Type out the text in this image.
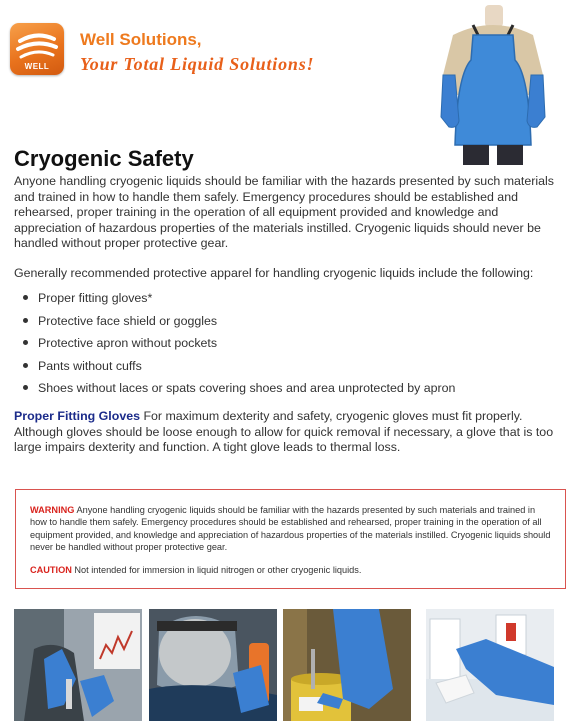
WELL
Well Solutions,
Your Total Liquid Solutions!
Cryogenic Safety

Anyone handling cryogenic liquids should be familiar with the hazards presented by such materials and trained in how to handle them safely. Emergency procedures should be established and rehearsed, proper training in the operation of all equipment provided and knowledge and appreciation of hazardous properties of the materials instilled. Cryogenic liquids should never be handled without proper protective gear.

Generally recommended protective apparel for handling cryogenic liquids include the following:

Proper fitting gloves*
Protective face shield or goggles
Protective apron without pockets
Pants without cuffs
Shoes without laces or spats covering shoes and area unprotected by apron

Proper Fitting Gloves For maximum dexterity and safety, cryogenic gloves must fit properly. Although gloves should be loose enough to allow for quick removal if necessary, a glove that is too large impairs dexterity and function. A tight glove leads to thermal loss.

WARNING Anyone handling cryogenic liquids should be familiar with the hazards presented by such materials and trained in how to handle them safely. Emergency procedures should be established and rehearsed, proper training in the operation of all equipment provided, and knowledge and appreciation of hazardous properties of the materials instilled. Cryogenic liquids should never be handled without proper protective gear.

CAUTION Not intended for immersion in liquid nitrogen or other cryogenic liquids.
